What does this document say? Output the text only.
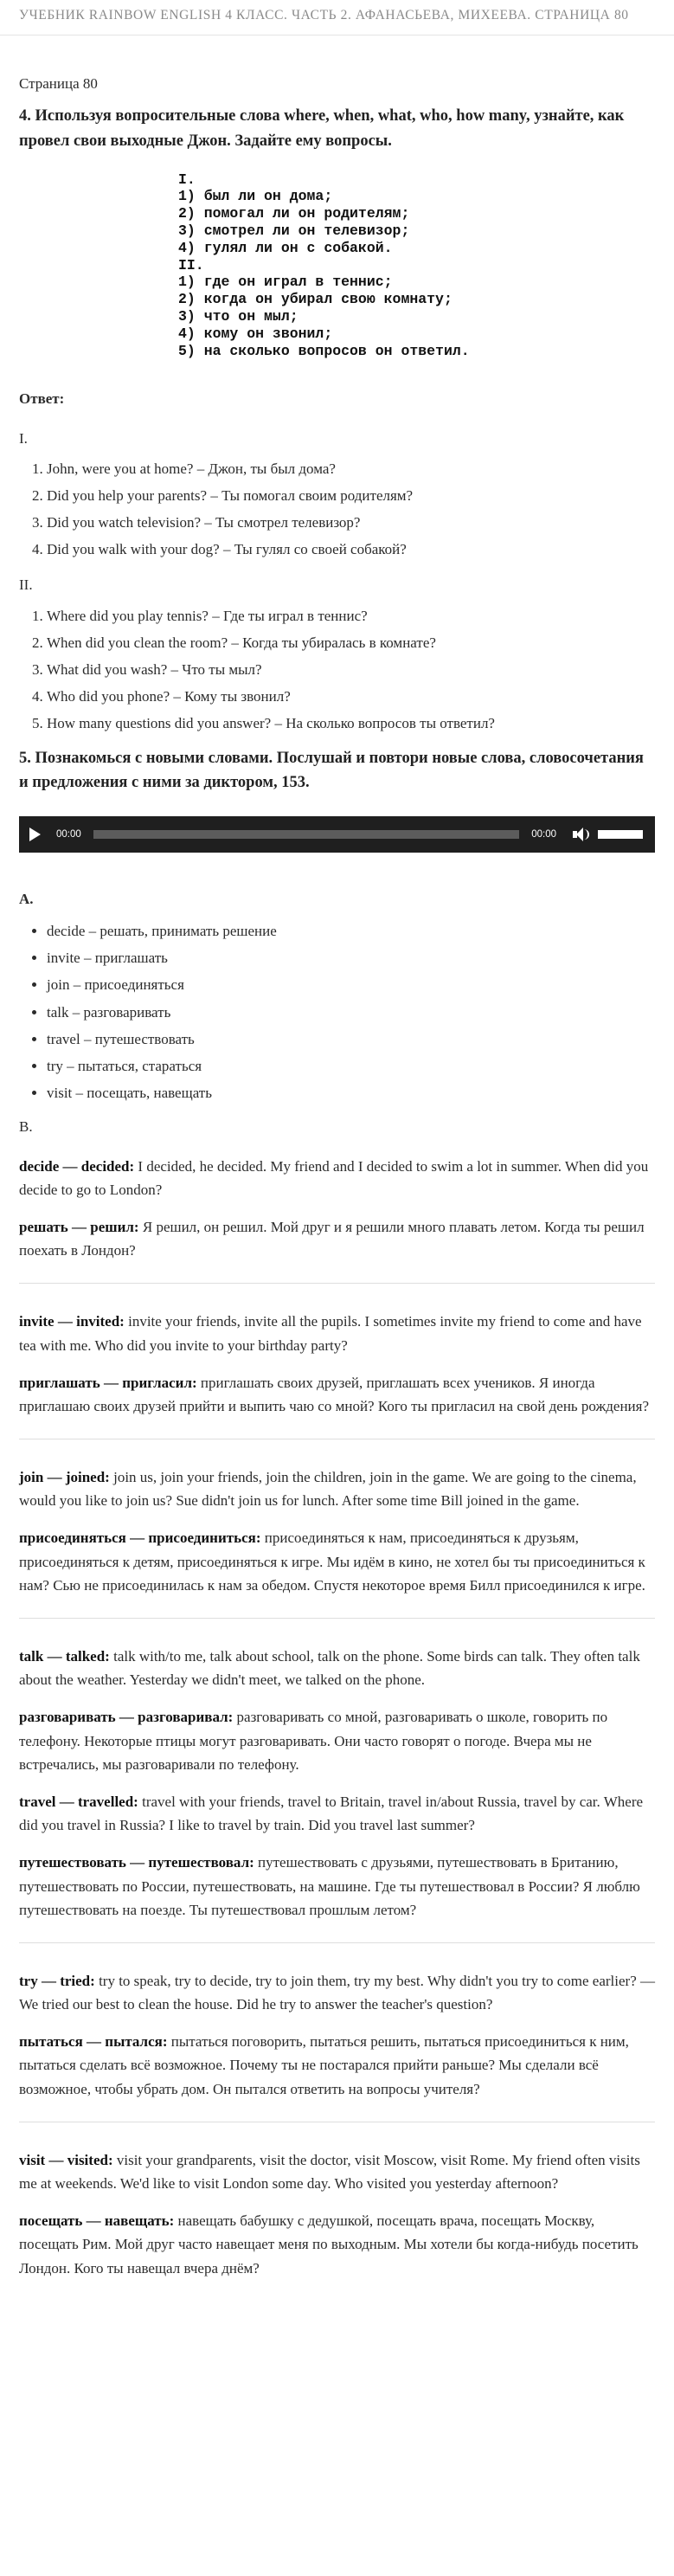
УЧЕБНИК RAINBOW ENGLISH 4 КЛАСС. ЧАСТЬ 2. АФАНАСЬЕВА, МИХЕЕВА. СТРАНИЦА 80
Страница 80
4. Используя вопросительные слова where, when, what, who, how many, узнайте, как провел свои выходные Джон. Задайте ему вопросы.
I.
1) был ли он дома;
2) помогал ли он родителям;
3) смотрел ли он телевизор;
4) гулял ли он с собакой.
II.
1) где он играл в теннис;
2) когда он убирал свою комнату;
3) что он мыл;
4) кому он звонил;
5) на сколько вопросов он ответил.
Ответ:
I.
1. John, were you at home? – Джон, ты был дома?
2. Did you help your parents? – Ты помогал своим родителям?
3. Did you watch television? – Ты смотрел телевизор?
4. Did you walk with your dog? – Ты гулял со своей собакой?
II.
1. Where did you play tennis? – Где ты играл в теннис?
2. When did you clean the room? – Когда ты убиралась в комнате?
3. What did you wash? – Что ты мыл?
4. Who did you phone? – Кому ты звонил?
5. How many questions did you answer? – На сколько вопросов ты ответил?
5. Познакомься с новыми словами. Послушай и повтори новые слова, словосочетания и предложения с ними за диктором, 153.
00:00	00:00
А.
• decide – решать, принимать решение
• invite – приглашать
• join – присоединяться
• talk – разговаривать
• travel – путешествовать
• try – пытаться, стараться
• visit – посещать, навещать
B.

decide — decided: I decided, he decided. My friend and I decided to swim a lot in summer. When did you decide to go to London?

решать — решил: Я решил, он решил. Мой друг и я решили много плавать летом. Когда ты решил поехать в Лондон?

invite — invited: invite your friends, invite all the pupils. I sometimes invite my friend to come and have tea with me. Who did you invite to your birthday party?

приглашать — пригласил: приглашать своих друзей, приглашать всех учеников. Я иногда приглашаю своих друзей прийти и выпить чаю со мной? Кого ты пригласил на свой день рождения?

join — joined: join us, join your friends, join the children, join in the game. We are going to the cinema, would you like to join us? Sue didn't join us for lunch. After some time Bill joined in the game.

присоединяться — присоединиться: присоединяться к нам, присоединяться к друзьям, присоединяться к детям, присоединяться к игре. Мы идём в кино, не хотел бы ты присоединиться к нам? Сью не присоединилась к нам за обедом. Спустя некоторое время Билл присоединился к игре.

talk — talked: talk with/to me, talk about school, talk on the phone. Some birds can talk. They often talk about the weather. Yesterday we didn't meet, we talked on the phone.

разговаривать — разговаривал: разговаривать со мной, разговаривать о школе, говорить по телефону. Некоторые птицы могут разговаривать. Они часто говорят о погоде. Вчера мы не встречались, мы разговаривали по телефону.

travel — travelled: travel with your friends, travel to Britain, travel in/about Russia, travel by car. Where did you travel in Russia? I like to travel by train. Did you travel last summer?

путешествовать — путешествовал: путешествовать с друзьями, путешествовать в Британию, путешествовать по России, путешествовать, на машине. Где ты путешествовал в России? Я люблю путешествовать на поезде. Ты путешествовал прошлым летом?

try — tried: try to speak, try to decide, try to join them, try my best. Why didn't you try to come earlier? — We tried our best to clean the house. Did he try to answer the teacher's question?

пытаться — пытался: пытаться поговорить, пытаться решить, пытаться присоединиться к ним, пытаться сделать всё возможное. Почему ты не постарался прийти раньше? Мы сделали всё возможное, чтобы убрать дом. Он пытался ответить на вопросы учителя?

visit — visited: visit your grandparents, visit the doctor, visit Moscow, visit Rome. My friend often visits me at weekends. We'd like to visit London some day. Who visited you yesterday afternoon?

посещать — навещать: навещать бабушку с дедушкой, посещать врача, посещать Москву, посещать Рим. Мой друг часто навещает меня по выходным. Мы хотели бы когда-нибудь посетить Лондон. Кого ты навещал вчера днём?
